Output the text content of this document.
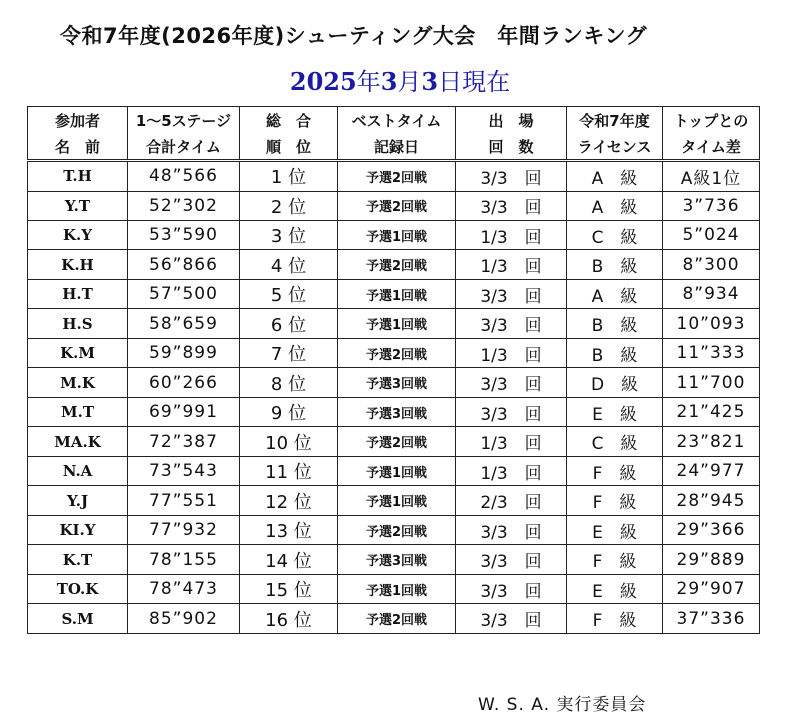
令和7年度(2026年度)シューティング大会　年間ランキング
2025年3月3日現在
参加者	1～5ステージ	総　合	ベストタイム	出　場	令和7年度	トップとの
名　前	合計タイム	順　位	記録日	回　数	ライセンス	タイム差
T.H	48”566	1 位	予選2回戦	3/3　回	A　級	A級1位
Y.T	52”302	2 位	予選2回戦	3/3　回	A　級	3”736
K.Y	53”590	3 位	予選1回戦	1/3　回	C　級	5”024
K.H	56”866	4 位	予選2回戦	1/3　回	B　級	8”300
H.T	57”500	5 位	予選1回戦	3/3　回	A　級	8”934
H.S	58”659	6 位	予選1回戦	3/3　回	B　級	10”093
K.M	59”899	7 位	予選2回戦	1/3　回	B　級	11”333
M.K	60”266	8 位	予選3回戦	3/3　回	D　級	11”700
M.T	69”991	9 位	予選3回戦	3/3　回	E　級	21”425
MA.K	72”387	10 位	予選2回戦	1/3　回	C　級	23”821
N.A	73”543	11 位	予選1回戦	1/3　回	F　級	24”977
Y.J	77”551	12 位	予選1回戦	2/3　回	F　級	28”945
KI.Y	77”932	13 位	予選2回戦	3/3　回	E　級	29”366
K.T	78”155	14 位	予選3回戦	3/3　回	F　級	29”889
TO.K	78”473	15 位	予選1回戦	3/3　回	E　級	29”907
S.M	85”902	16 位	予選2回戦	3/3　回	F　級	37”336
W. S. A. 実行委員会
